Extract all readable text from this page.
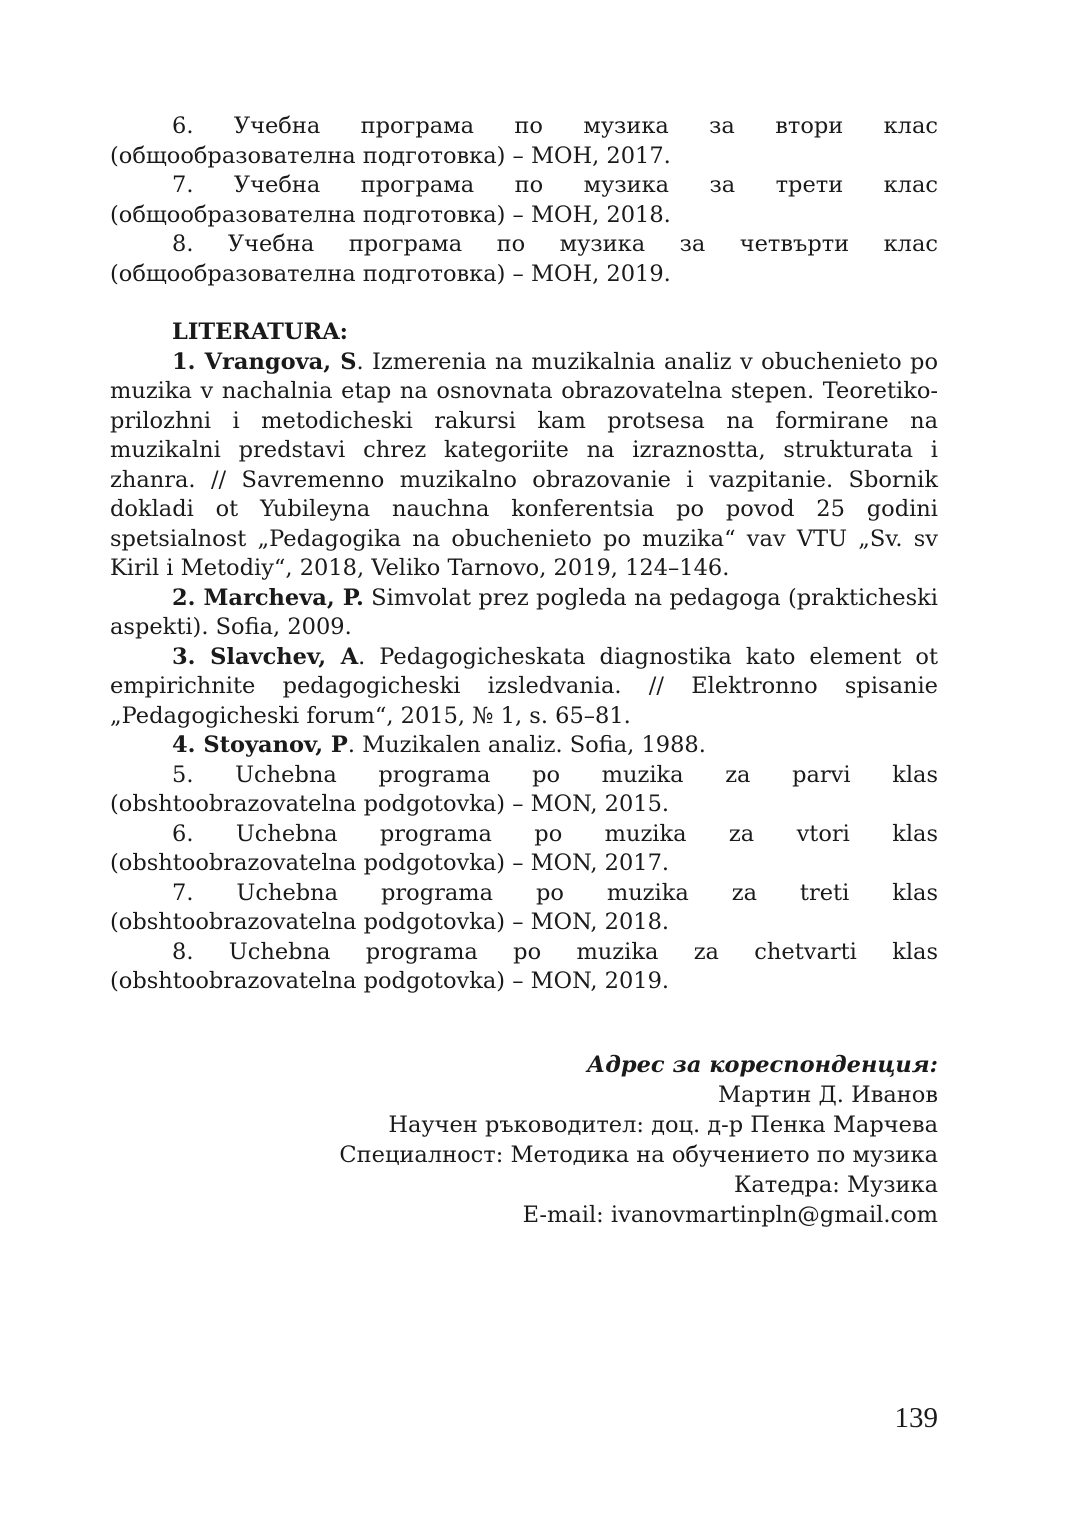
6. Учебна програма по музика за втори клас (общообразователна подготовка) – МОН, 2017.

7. Учебна програма по музика за трети клас (общообразователна подготовка) – МОН, 2018.

8. Учебна програма по музика за четвърти клас (общообразователна подготовка) – МОН, 2019.

LITERATURA:

1. Vrangova, S. Izmerenia na muzikalnia analiz v obuchenieto po muzika v nachalnia etap na osnovnata obrazovatelna stepen. Teoretiko-prilozhni i metodicheski rakursi kam protsesa na formirane na muzikalni predstavi chrez kategoriite na izraznostta, strukturata i zhanra. // Savremenno muzikalno obrazovanie i vazpitanie. Sbornik dokladi ot Yubileyna nauchna konferentsia po povod 25 godini spetsialnost „Pedagogika na obuchenieto po muzika“ vav VTU „Sv. sv Kiril i Metodiy“, 2018, Veliko Tarnovo, 2019, 124–146.

2. Marcheva, P. Simvolat prez pogleda na pedagoga (prakticheski aspekti). Sofia, 2009.

3. Slavchev, A. Pedagogicheskata diagnostika kato element ot empirichnite pedagogicheski izsledvania. // Elektronno spisanie „Pedagogicheski forum“, 2015, № 1, s. 65–81.

4. Stoyanov, P. Muzikalen analiz. Sofia, 1988.

5. Uchebna programa po muzika za parvi klas (obshtoobrazovatelna podgotovka) – MON, 2015.

6. Uchebna programa po muzika za vtori klas (obshtoobrazovatelna podgotovka) – MON, 2017.

7. Uchebna programa po muzika za treti klas (obshtoobrazovatelna podgotovka) – MON, 2018.

8. Uchebna programa po muzika za chetvarti klas (obshtoobrazovatelna podgotovka) – MON, 2019.

Адрес за кореспонденция:
Мартин Д. Иванов
Научен ръководител: доц. д-р Пенка Марчева
Специалност: Методика на обучението по музика
Катедра: Музика
E-mail: ivanovmartinpln@gmail.com
139
